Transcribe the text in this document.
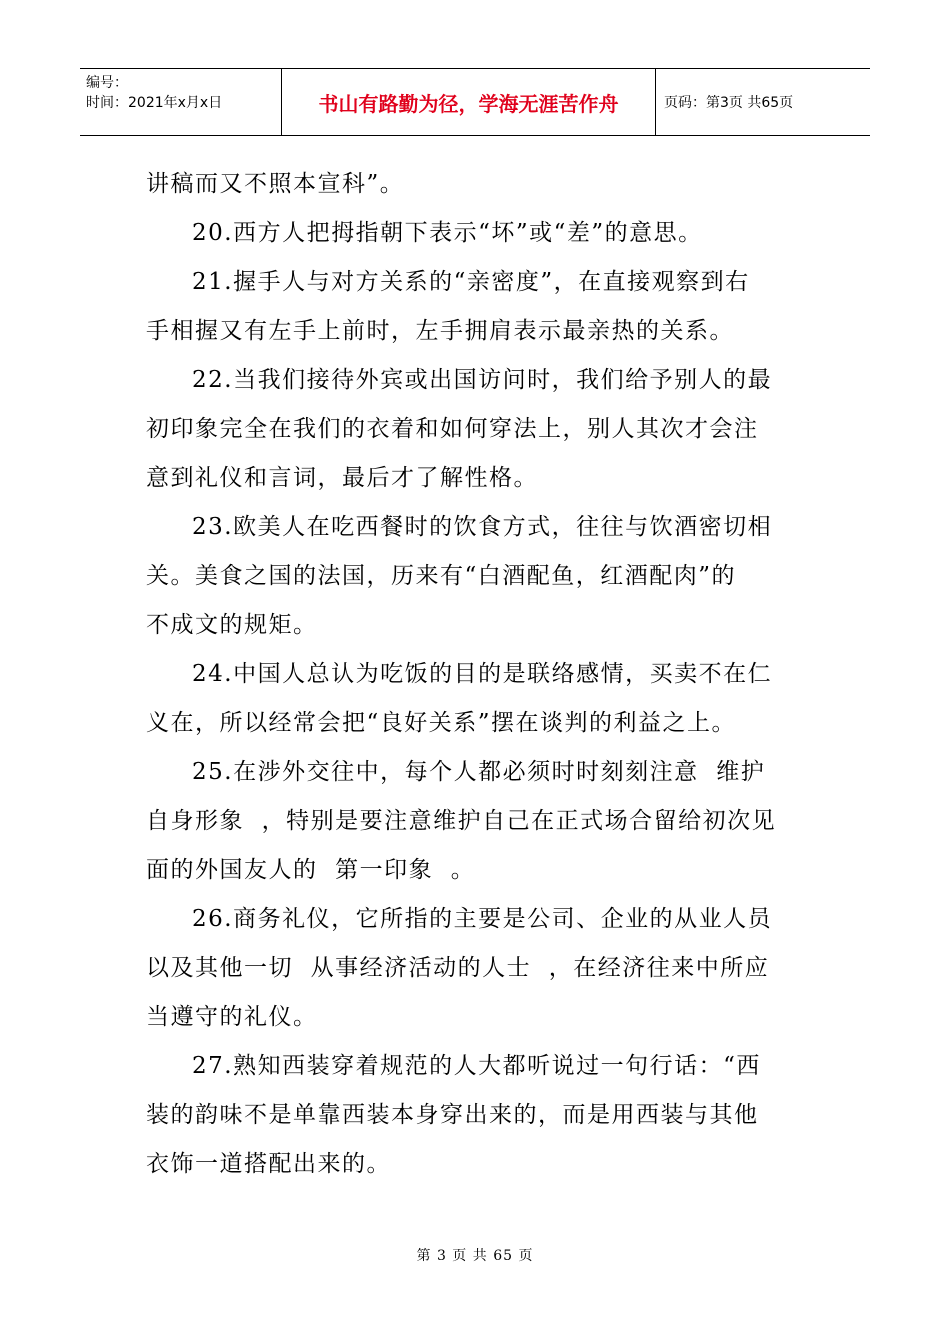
编号：
时间：2021年x月x日	书山有路勤为径，学海无涯苦作舟	页码：第3页 共65页

讲稿而又不照本宣科”。

20.西方人把拇指朝下表示“坏”或“差”的意思。

21.握手人与对方关系的“亲密度”，在直接观察到右
手相握又有左手上前时，左手拥肩表示最亲热的关系。

22.当我们接待外宾或出国访问时，我们给予别人的最
初印象完全在我们的衣着和如何穿法上，别人其次才会注
意到礼仪和言词，最后才了解性格。

23.欧美人在吃西餐时的饮食方式，往往与饮酒密切相
关。美食之国的法国，历来有“白酒配鱼，红酒配肉”的
不成文的规矩。

24.中国人总认为吃饭的目的是联络感情，买卖不在仁
义在，所以经常会把“良好关系”摆在谈判的利益之上。

25.在涉外交往中，每个人都必须时时刻刻注意  维护
自身形象  ，特别是要注意维护自己在正式场合留给初次见
面的外国友人的  第一印象  。

26.商务礼仪，它所指的主要是公司、企业的从业人员
以及其他一切  从事经济活动的人士  ，在经济往来中所应
当遵守的礼仪。

27.熟知西装穿着规范的人大都听说过一句行话：“西
装的韵味不是单靠西装本身穿出来的，而是用西装与其他
衣饰一道搭配出来的。

第 3 页 共 65 页
